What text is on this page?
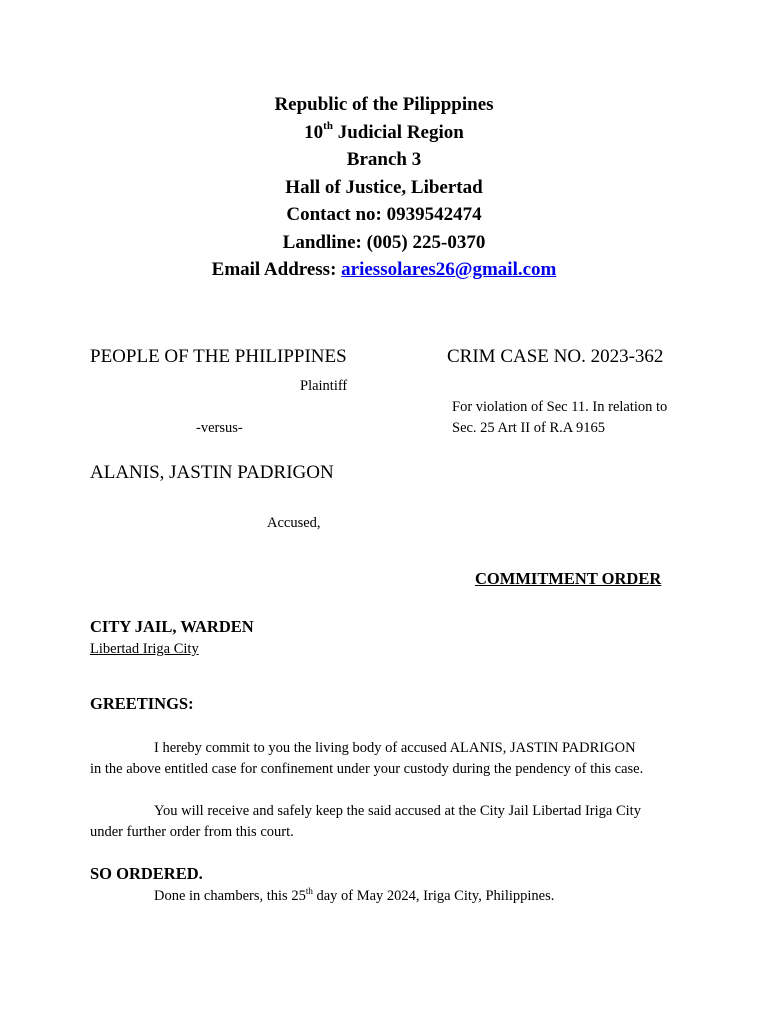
Republic of the Pilipppines
10th Judicial Region
Branch 3
Hall of Justice, Libertad
Contact no: 0939542474
Landline: (005) 225-0370
Email Address: ariessolares26@gmail.com
PEOPLE OF THE PHILIPPINES
Plaintiff
-versus-
ALANIS, JASTIN PADRIGON
Accused,
CRIM CASE NO. 2023-362
For violation of Sec 11. In relation to
Sec. 25 Art II of R.A 9165
COMMITMENT ORDER
CITY JAIL, WARDEN
Libertad Iriga City
GREETINGS:
I hereby commit to you the living body of accused ALANIS, JASTIN PADRIGON
in the above entitled case for confinement under your custody during the pendency of this case.
You will receive and safely keep the said accused at the City Jail Libertad Iriga City
under further order from this court.
SO ORDERED.
Done in chambers, this 25th day of May 2024, Iriga City, Philippines.
